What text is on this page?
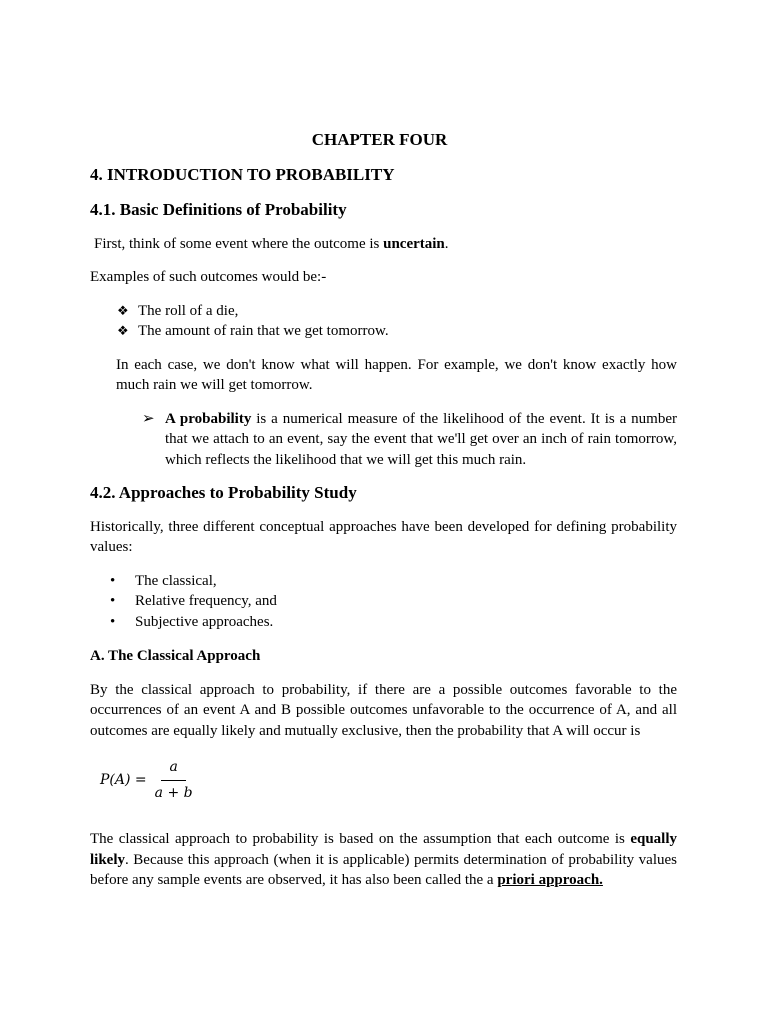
CHAPTER FOUR
4. INTRODUCTION TO PROBABILITY
4.1. Basic Definitions of Probability

First, think of some event where the outcome is uncertain.

Examples of such outcomes would be:-

❖ The roll of a die,
❖ The amount of rain that we get tomorrow.

In each case, we don't know what will happen. For example, we don't know exactly how much rain we will get tomorrow.

➢ A probability is a numerical measure of the likelihood of the event. It is a number that we attach to an event, say the event that we'll get over an inch of rain tomorrow, which reflects the likelihood that we will get this much rain.
4.2. Approaches to Probability Study

Historically, three different conceptual approaches have been developed for defining probability values:

• The classical,
• Relative frequency, and
• Subjective approaches.
A. The Classical Approach

By the classical approach to probability, if there are a possible outcomes favorable to the occurrences of an event A and B possible outcomes unfavorable to the occurrence of A, and all outcomes are equally likely and mutually exclusive, then the probability that A will occur is

$P(A) = \frac{a}{a + b}$

The classical approach to probability is based on the assumption that each outcome is equally likely. Because this approach (when it is applicable) permits determination of probability values before any sample events are observed, it has also been called the a priori approach.
